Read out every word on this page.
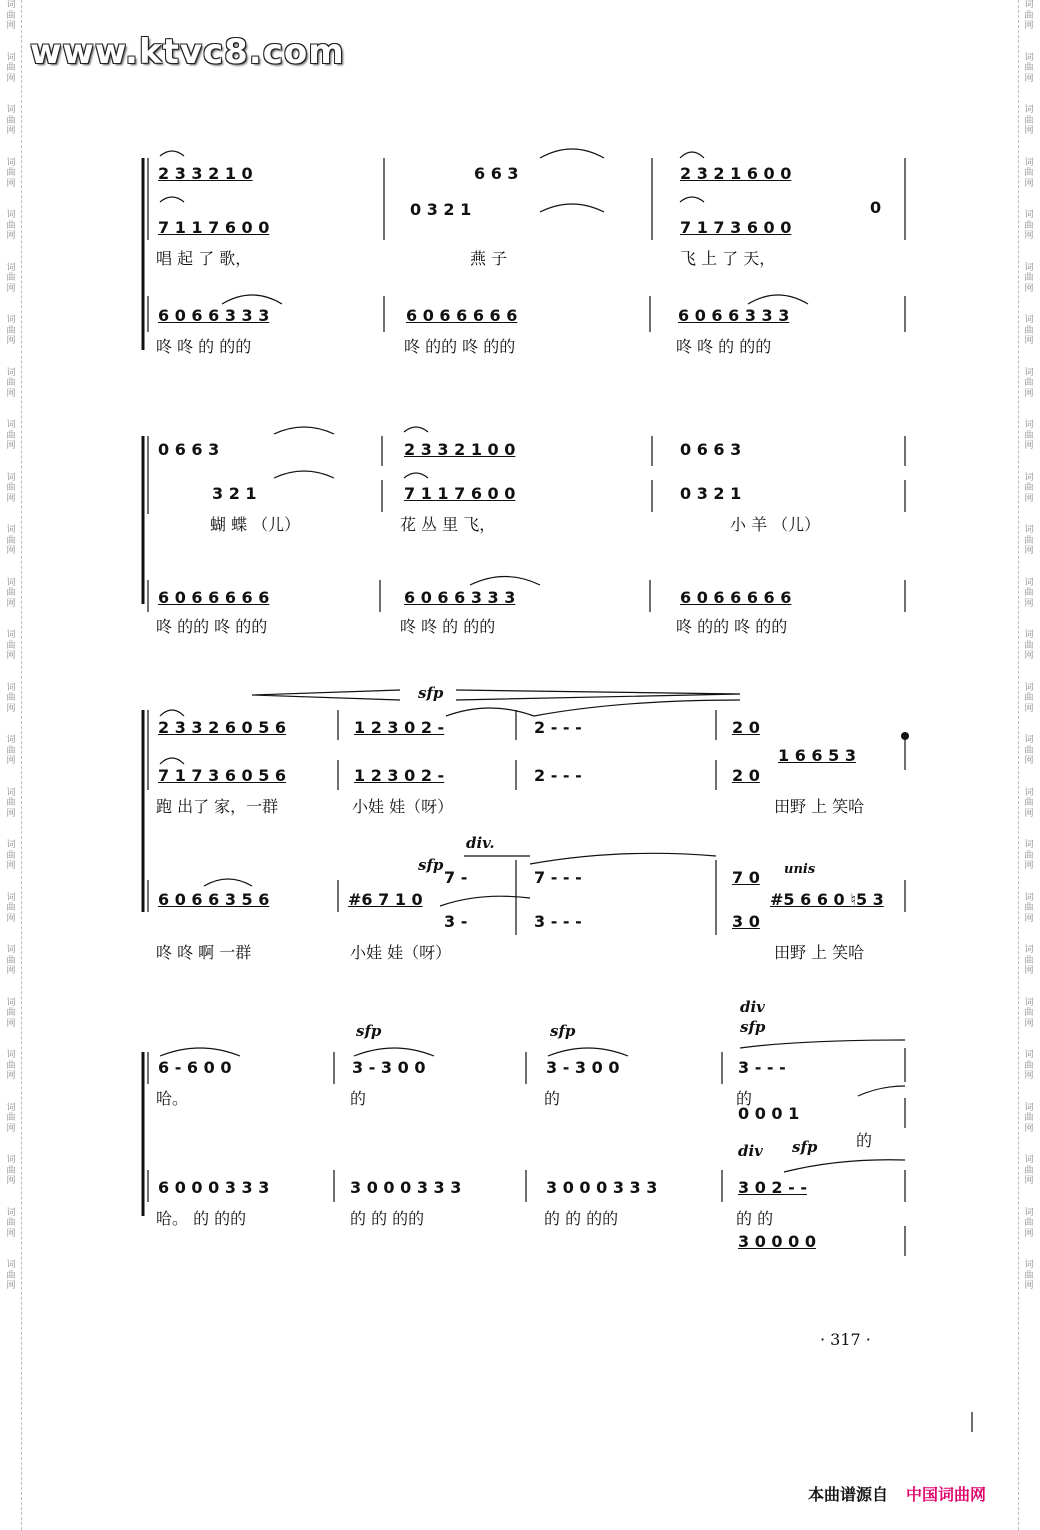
词
曲
网

词
曲
网

词
曲
网

词
曲
网

词
曲
网

词
曲
网

词
曲
网

词
曲
网

词
曲
网

词
曲
网

词
曲
网

词
曲
网

词
曲
网

词
曲
网

词
曲
网

词
曲
网

词
曲
网

词
曲
网

词
曲
网

词
曲
网

词
曲
网

词
曲
网

词
曲
网

词
曲
网

词
曲
网

词
曲
网

词
曲
网

词
曲
网

词
曲
网

词
曲
网

词
曲
网

词
曲
网

词
曲
网

词
曲
网

词
曲
网

词
曲
网

词
曲
网

词
曲
网

词
曲
网

词
曲
网

词
曲
网

词
曲
网

词
曲
网

词
曲
网

词
曲
网

词
曲
网

词
曲
网

词
曲
网

词
曲
网

词
曲
网

www.ktvc8.com
2 3 3 2 1 0	6 6 3	2 3 2 1 6 0 0
0
7 1 1 7 6 0 0
0 3 2 1
7 1 7 3 6 0 0
唱 起 了 歌，	燕 子	飞 上 了 天，
6 0 6 6 3 3 3	6 0 6 6 6 6 6	6 0 6 6 3 3 3
咚 咚 的 的的	咚 的的 咚 的的	咚 咚 的 的的
0 6 6 3	2 3 3 2 1 0 0	0 6 6 3
3 2 1	7 1 1 7 6 0 0	0 3 2 1
蝴 蝶 （儿）	花 丛 里 飞，	小 羊 （儿）
6 0 6 6 6 6 6	6 0 6 6 3 3 3	6 0 6 6 6 6 6
咚 的的 咚 的的	咚 咚 的 的的	咚 的的 咚 的的
sfp
2 3 3 2 6 0 5 6	1 2 3 0 2 -	2 - - -	2 0
1 6 6 5 3
7 1 7 3 6 0 5 6	1 2 3 0 2 -	2 - - -	2 0
跑 出了 家，一群	小娃 娃（呀）	田野 上 笑哈
div.
sfp	unis
7 -	7 - - -	7 0
6 0 6 6 3 5 6	#6 7 1 0	#5 6 6 0 ♮5 3
3 -	3 - - -	3 0
咚 咚 啊 一群	小娃 娃（呀）	田野 上 笑哈
div
sfp	sfp	sfp
6 - 6 0 0	3 - 3 0 0	3 - 3 0 0	3 - - -
哈。	的	的	的
0 0 0 1
的
div sfp
6 0 0 0 3 3 3	3 0 0 0 3 3 3	3 0 0 0 3 3 3	3 0 2 - -
哈。 的 的的	的 的 的的	的 的 的的	的 的
3 0 0 0 0
· 317 ·
本曲谱源自 中国词曲网
